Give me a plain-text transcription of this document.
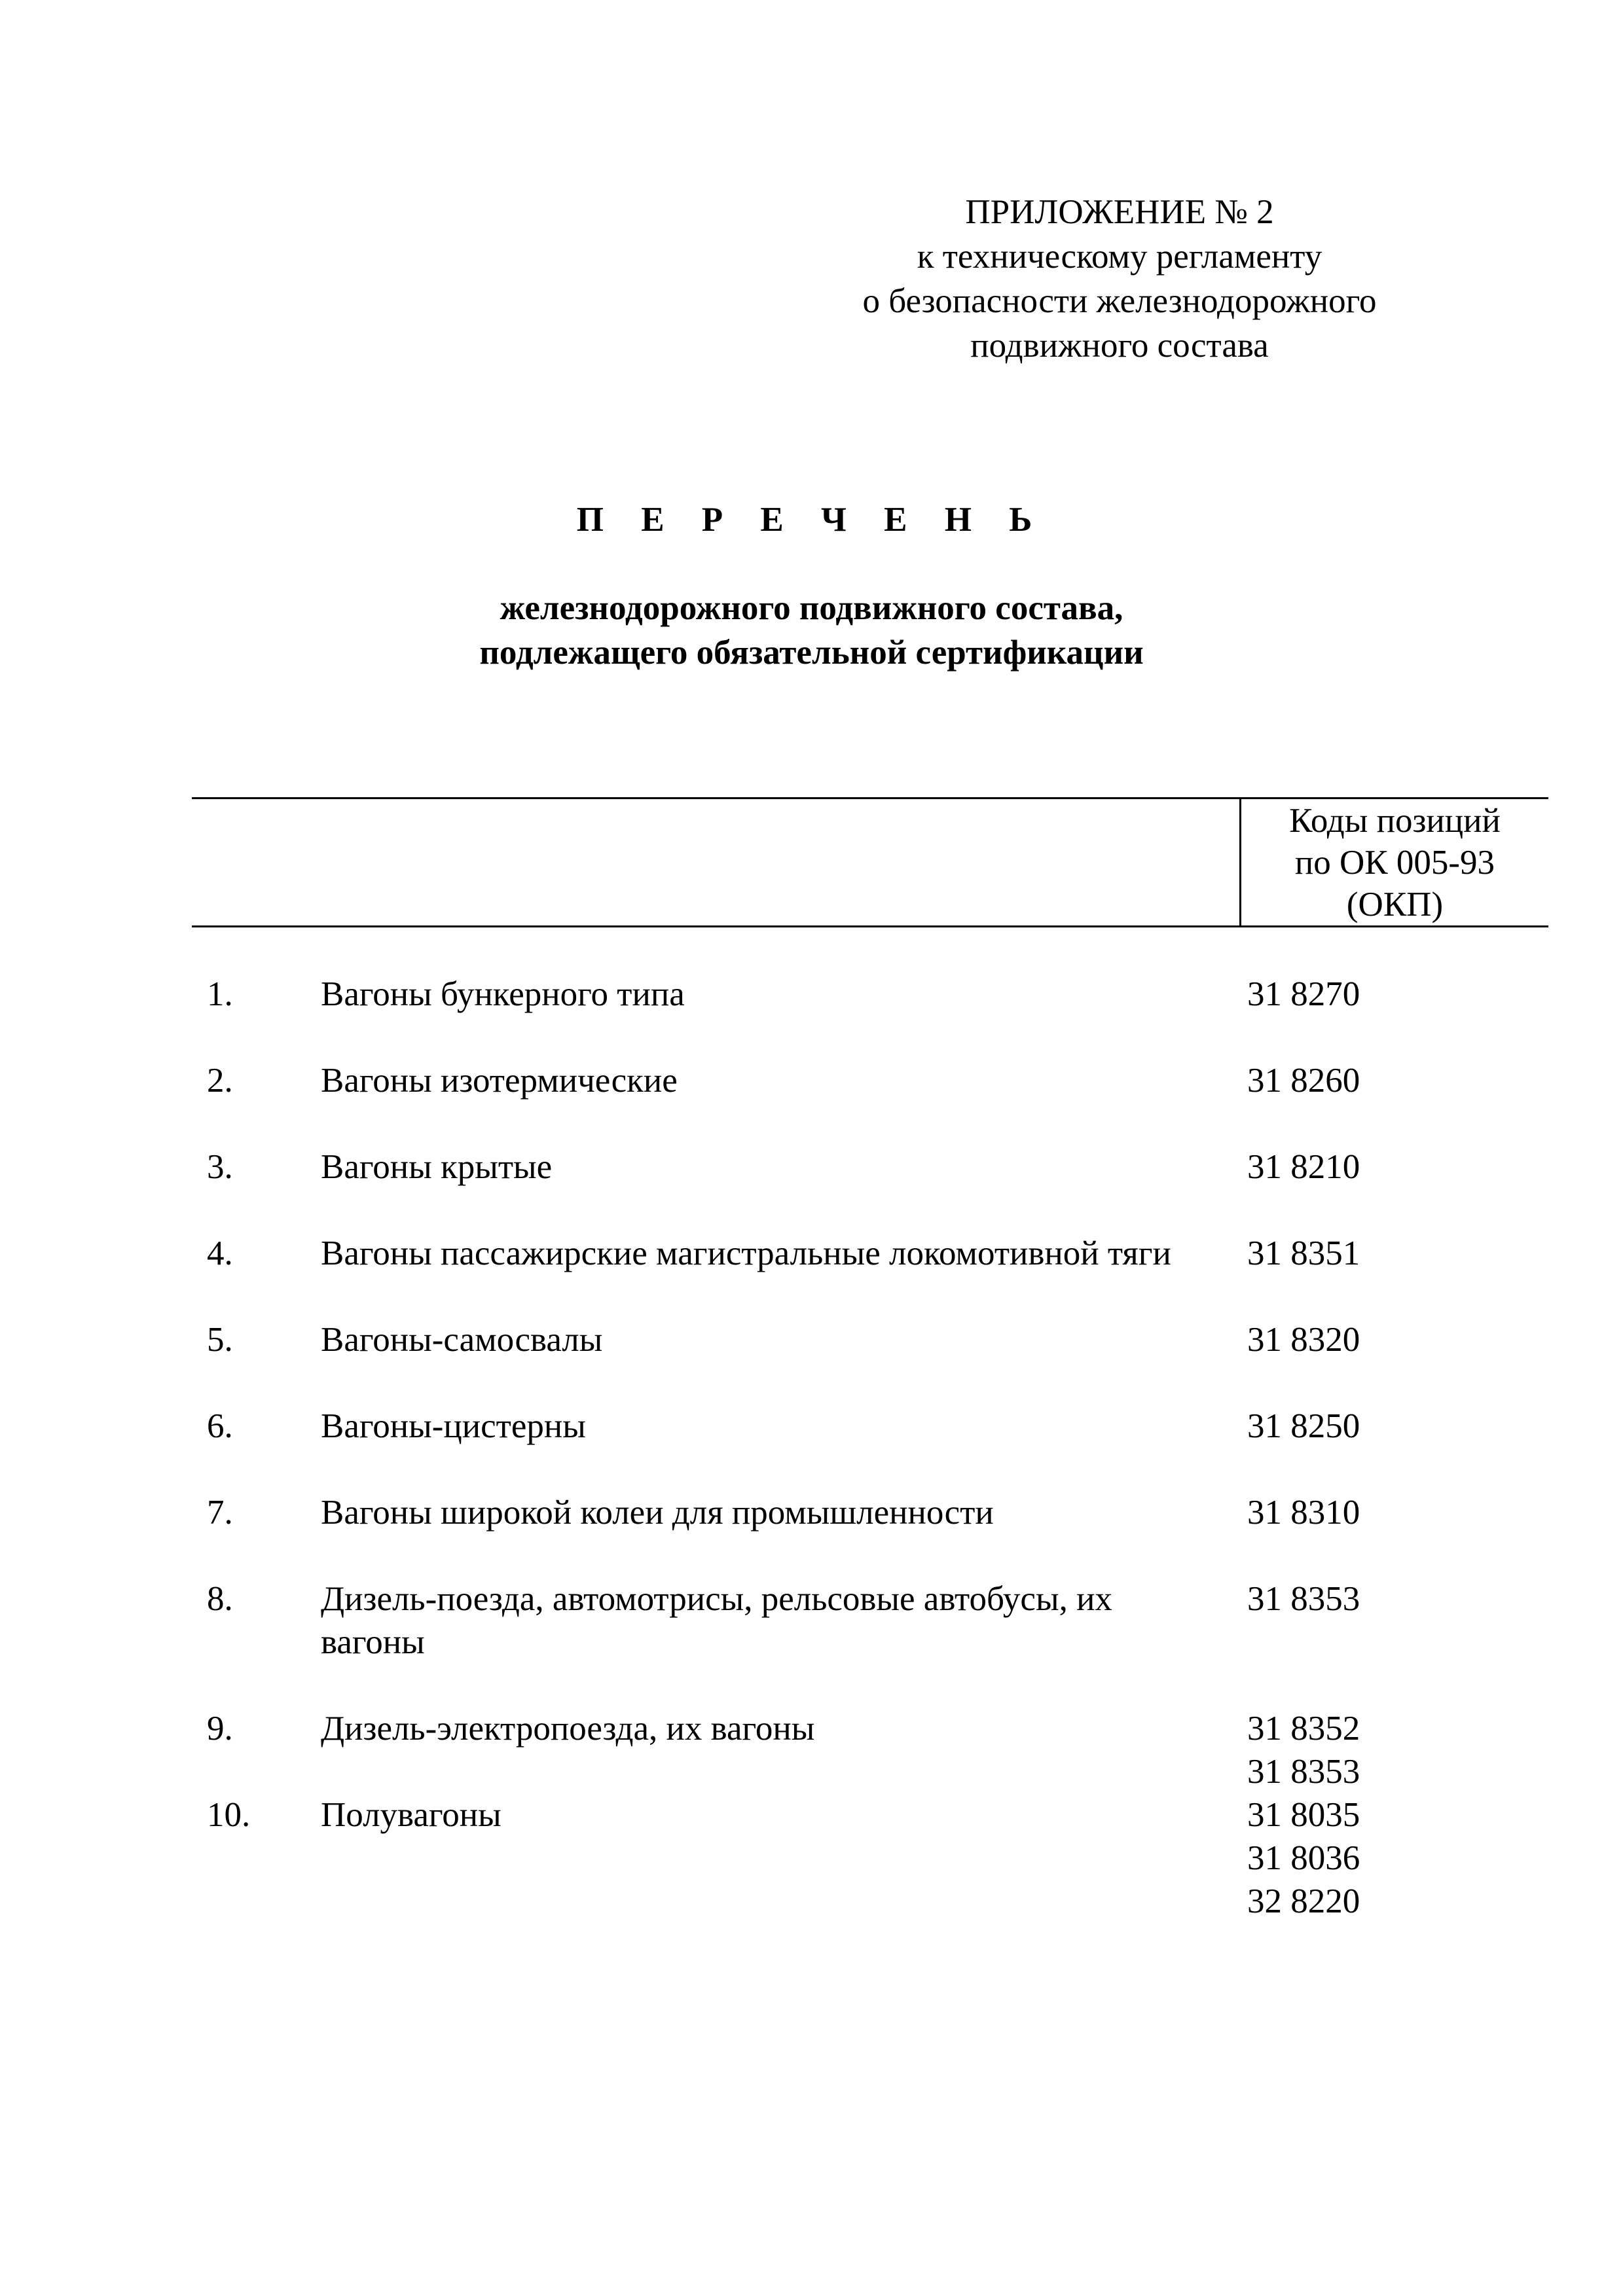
ПРИЛОЖЕНИЕ № 2
к техническому регламенту
о безопасности железнодорожного
подвижного состава
П Е Р Е Ч Е Н Ь
железнодорожного подвижного состава,
подлежащего обязательной сертификации
Коды позиций
по ОК 005-93
(ОКП)
1.	Вагоны бункерного типа	31 8270
2.	Вагоны изотермические	31 8260
3.	Вагоны крытые	31 8210
4.	Вагоны пассажирские магистральные локомотивной тяги	31 8351
5.	Вагоны-самосвалы	31 8320
6.	Вагоны-цистерны	31 8250
7.	Вагоны широкой колеи для промышленности	31 8310
8.	Дизель-поезда, автомотрисы, рельсовые автобусы, их вагоны
31 8353
9.	Дизель-электропоезда, их вагоны	31 8352
31 8353
10. Полувагоны	31 8035
31 8036
32 8220
